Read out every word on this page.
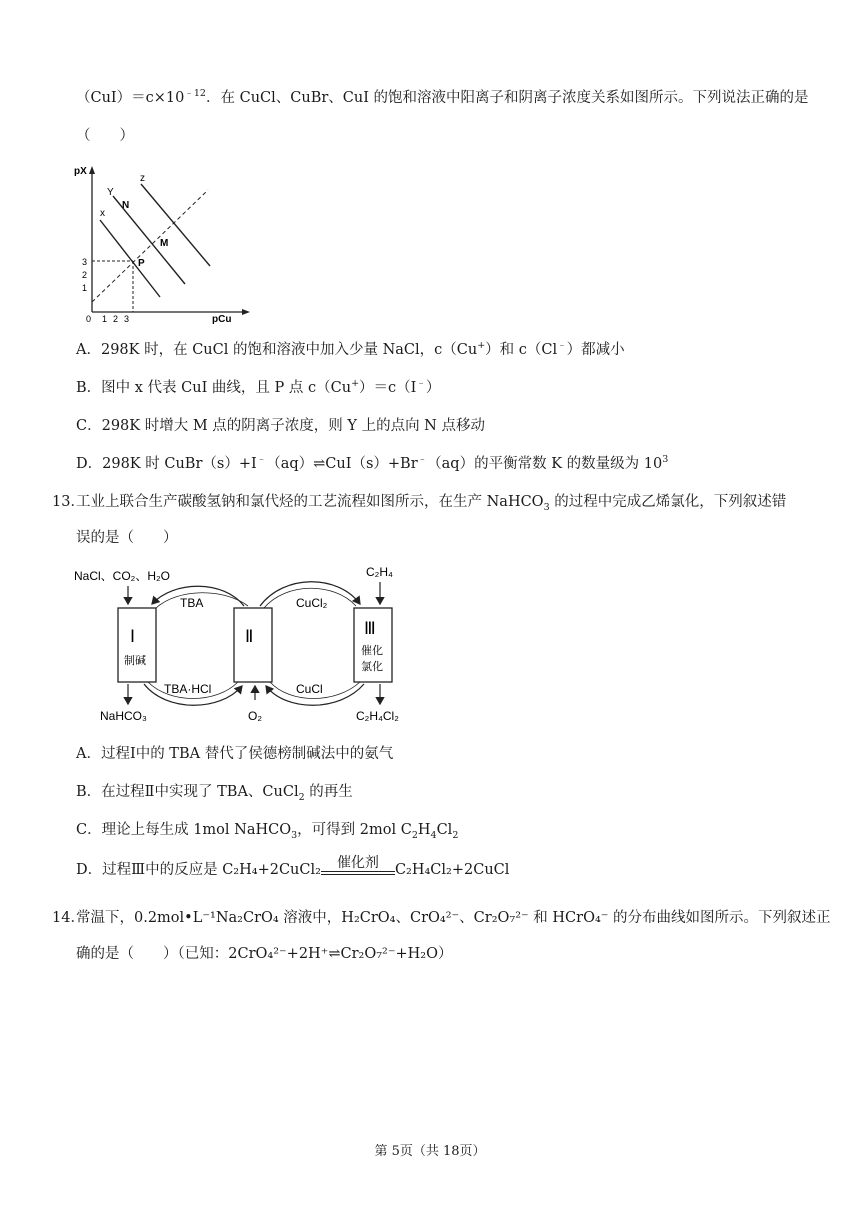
$(CuI)=c\times 10^{﹣12}$．在 CuCl、CuBr、CuI 的饱和溶液中阳离子和阴离子浓度关系如图所示。下列说法正确的是
（　　）
pX
pCu
3
2
1
0 1 2 3
x
Y
N
z
M
P
A．298K 时，在 CuCl 的饱和溶液中加入少量 NaCl，c（Cu+）和 c（Cl﹣）都减小
B．图中 x 代表 CuI 曲线，且 P 点 c（Cu+）＝c（I﹣）
C．298K 时增大 M 点的阴离子浓度，则 Y 上的点向 N 点移动
D．298K 时 CuBr（s）+I﹣（aq）⇌CuI（s）+Br﹣（aq）的平衡常数 K 的数量级为 $10^3$
13．
工业上联合生产碳酸氢钠和氯代烃的工艺流程如图所示，在生产 NaHCO$_3$ 的过程中完成乙烯氯化，下列叙述错
误的是（　　）
NaCl、CO₂、H₂O	C₂H₄
Ⅰ
制碱
Ⅱ	Ⅲ
催化
氯化
TBA	CuCl₂
TBA·HCl	CuCl
NaHCO₃	O₂	C₂H₄Cl₂
A．过程Ⅰ中的 TBA 替代了侯德榜制碱法中的氨气
B．在过程Ⅱ中实现了 TBA、CuCl$_2$ 的再生
C．理论上每生成 1mol NaHCO$_3$，可得到 2mol $C_2H_4Cl_2$
D．过程Ⅲ中的反应是 C₂H₄+2CuCl₂	催化剂	C₂H₄Cl₂+2CuCl
14．
常温下，0.2mol•L⁻¹Na₂CrO₄ 溶液中，H₂CrO₄、CrO₄²⁻、Cr₂O₇²⁻ 和 HCrO₄⁻ 的分布曲线如图所示。下列叙述正
确的是（　　）（已知：2CrO₄²⁻+2H⁺⇌Cr₂O₇²⁻+H₂O）
第 5页（共 18页）
